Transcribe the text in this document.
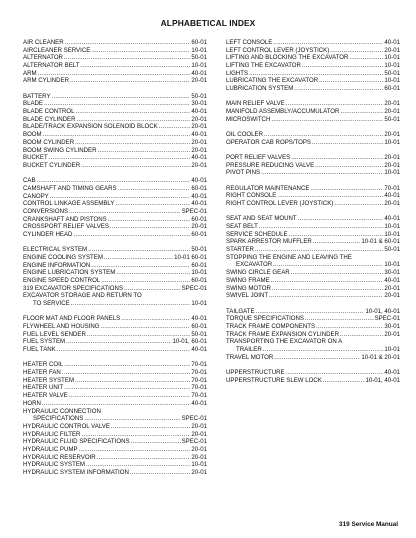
ALPHABETICAL INDEX
AIR CLEANER .....	60-01
AIRCLEANER SERVICE .....	10-01
ALTERNATOR .....	50-01
ALTERNATOR BELT .....	10-01
ARM .....	40-01
ARM CYLINDER .....	20-01
BATTERY .....	50-01
BLADE .....	30-01
BLADE CONTROL .....	40-01
BLADE CYLINDER .....	20-01
BLADE/TRACK EXPANSION SOLENOID BLOCK .....	20-01
BOOM .....	40-01
BOOM CYLINDER .....	20-01
BOOM SWING CYLINDER .....	20-01
BUCKET .....	40-01
BUCKET CYLINDER .....	20-01
CAB .....	40-01
CAMSHAFT AND TIMING GEARS .....	60-01
CANOPY .....	40-01
CONTROL LINKAGE ASSEMBLY .....	40-01
CONVERSIONS .....	SPEC-01
CRANKSHAFT AND PISTONS .....	60-01
CROSSPORT RELIEF VALVES .....	20-01
CYLINDER HEAD .....	60-01
ELECTRICAL SYSTEM .....	50-01
ENGINE COOLING SYSTEM .....	10-01 60-01
ENGINE INFORMATION .....	60-01
ENGINE LUBRICATION SYSTEM .....	10-01
ENGINE SPEED CONTROL .....	60-01
319 EXCAVATOR SPECIFICATIONS .....	SPEC-01
EXCAVATOR STORAGE AND RETURN TO
TO SERVICE .....	10-01
FLOOR MAT AND FLOOR PANELS .....	40-01
FLYWHEEL AND HOUSING .....	60-01
FUEL LEVEL SENDER .....	50-01
FUEL SYSTEM .....	10-01, 60-01
FUEL TANK .....	40-01
HEATER COIL .....	70-01
HEATER FAN .....	70-01
HEATER SYSTEM .....	70-01
HEATER UNIT .....	70-01
HEATER VALVE .....	70-01
HORN .....	40-01
HYDRAULIC CONNECTION
SPECIFICATIONS .....	SPEC-01
HYDRAULIC CONTROL VALVE .....	20-01
HYDRAULIC FILTER .....	20-01
HYDRAULIC FLUID SPECIFICATIONS .....	SPEC-01
HYDRAULIC PUMP .....	20-01
HYDRAULIC RESERVOIR .....	20-01
HYDRAULIC SYSTEM .....	10-01
HYDRAULIC SYSTEM INFORMATION .....	20-01
LEFT CONSOLE .....	40-01
LEFT CONTROL LEVER (JOYSTICK) .....	20-01
LIFTING AND BLOCKING THE EXCAVATOR .....	10-01
LIFTING THE EXCAVATOR .....	10-01
LIGHTS .....	50-01
LUBRICATING THE EXCAVATOR .....	10-01
LUBRICATION SYSTEM .....	60-01
MAIN RELIEF VALVE .....	20-01
MANIFOLD ASSEMBLY/ACCUMULATOR .....	20-01
MICROSWITCH .....	50-01
OIL COOLER .....	20-01
OPERATOR CAB ROPS/TOPS .....	10-01
PORT RELIEF VALVES .....	20-01
PRESSURE REDUCING VALVE .....	20-01
PIVOT PINS .....	10-01
REGULATOR MAINTENANCE .....	70-01
RIGHT CONSOLE .....	40-01
RIGHT CONTROL LEVER (JOYSTICK) .....	20-01
SEAT AND SEAT MOUNT .....	40-01
SEAT BELT .....	10-01
SERVICE SCHEDULE .....	10-01
SPARK ARRESTOR MUFFLER .....	10-01 & 60-01
STARTER .....	50-01
STOPPING THE ENGINE AND LEAVING THE
EXCAVATOR .....	10-01
SWING CIRCLE GEAR .....	30-01
SWING FRAME .....	40-01
SWING MOTOR .....	20-01
SWIVEL JOINT .....	20-01
TAILGATE .....	10-01, 40-01
TORQUE SPECIFICATIONS .....	SPEC-01
TRACK FRAME COMPONENTS .....	30-01
TRACK FRAME EXPANSION CYLINDER .....	20-01
TRANSPORTING THE EXCAVATOR ON A
TRAILER .....	10-01
TRAVEL MOTOR .....	10-01 & 20-01
UPPERSTRUCTURE .....	40-01
UPPERSTRUCTURE SLEW LOCK .....	10-01, 40-01
319 Service Manual
